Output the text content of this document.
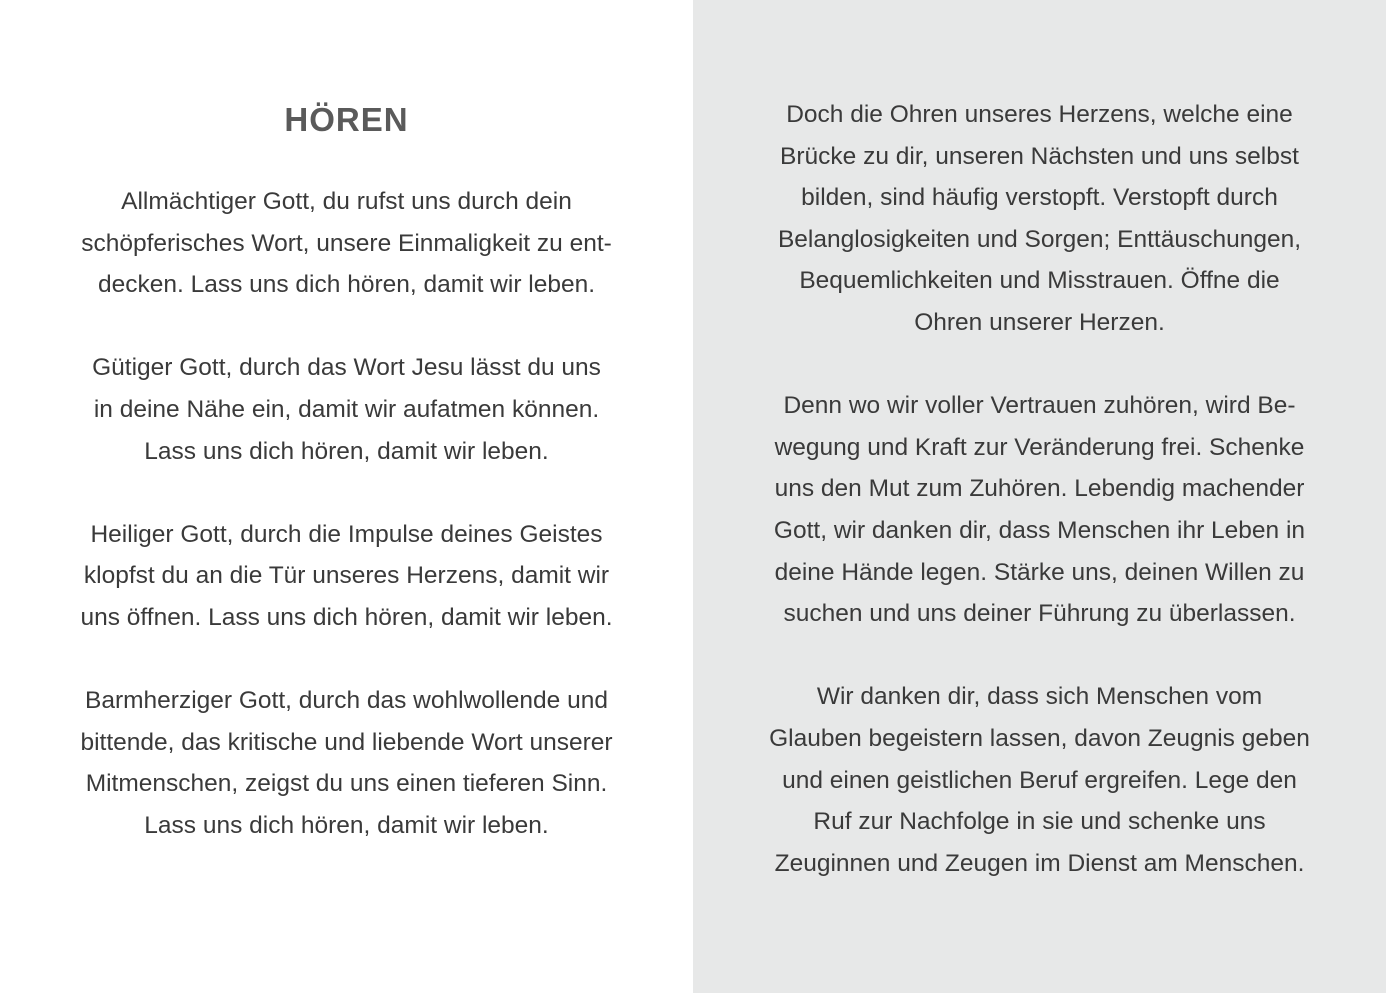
HÖREN

Allmächtiger Gott, du rufst uns durch dein
schöpferisches Wort, unsere Einmaligkeit zu ent-
decken. Lass uns dich hören, damit wir leben.

Gütiger Gott, durch das Wort Jesu lässt du uns
in deine Nähe ein, damit wir aufatmen können.
Lass uns dich hören, damit wir leben.

Heiliger Gott, durch die Impulse deines Geistes
klopfst du an die Tür unseres Herzens, damit wir
uns öffnen. Lass uns dich hören, damit wir leben.

Barmherziger Gott, durch das wohlwollende und
bittende, das kritische und liebende Wort unserer
Mitmenschen, zeigst du uns einen tieferen Sinn.
Lass uns dich hören, damit wir leben.

Doch die Ohren unseres Herzens, welche eine
Brücke zu dir, unseren Nächsten und uns selbst
bilden, sind häufig verstopft. Verstopft durch
Belanglosigkeiten und Sorgen; Enttäuschungen,
Bequemlichkeiten und Misstrauen. Öffne die
Ohren unserer Herzen.

Denn wo wir voller Vertrauen zuhören, wird Be-
wegung und Kraft zur Veränderung frei. Schenke
uns den Mut zum Zuhören. Lebendig machender
Gott, wir danken dir, dass Menschen ihr Leben in
deine Hände legen. Stärke uns, deinen Willen zu
suchen und uns deiner Führung zu überlassen.

Wir danken dir, dass sich Menschen vom
Glauben begeistern lassen, davon Zeugnis geben
und einen geistlichen Beruf ergreifen. Lege den
Ruf zur Nachfolge in sie und schenke uns
Zeuginnen und Zeugen im Dienst am Menschen.
